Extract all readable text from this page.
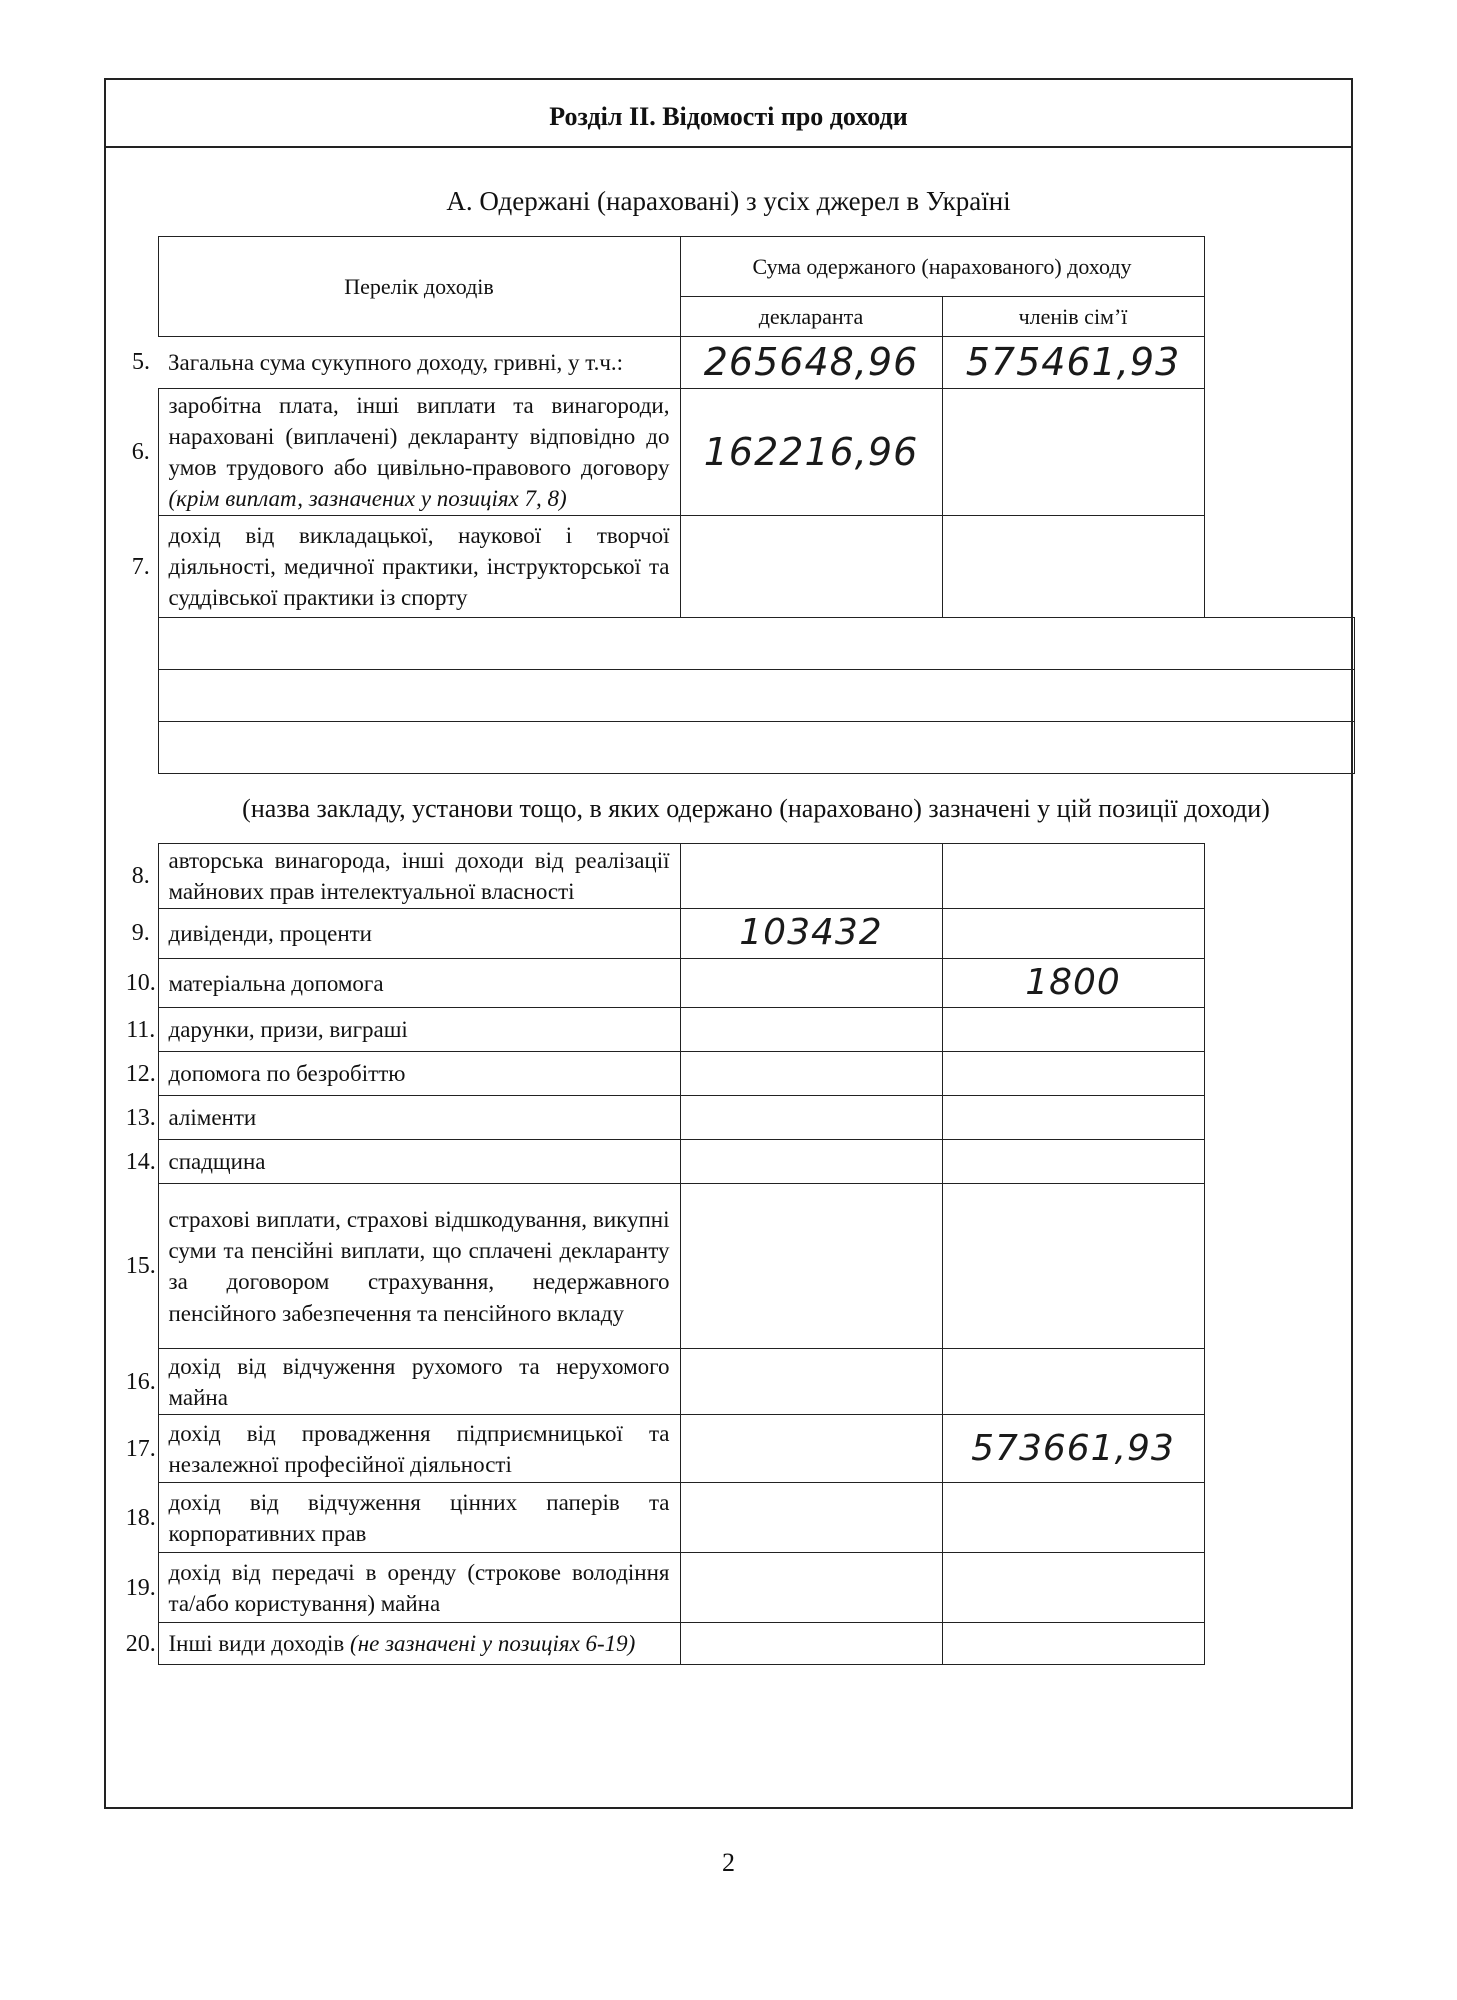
Розділ ІІ. Відомості про доходи
А. Одержані (нараховані) з усіх джерел в Україні
	Перелік доходів	Сума одержаного (нарахованого) доходу		
		декларанта	членів сім’ї	
5.	Загальна сума сукупного доходу, гривні, у т.ч.:	265648,96	575461,93	
6.	заробітна плата, інші виплати та винагороди, нараховані (виплачені) декларанту відповідно до умов трудового або цивільно-правового договору
(крім виплат, зазначених у позиціях 7, 8)	162216,96		
7.	дохід від викладацької, наукової і творчої діяльності, медичної практики, інструкторської та суддівської практики із спорту			

	(назва закладу, установи тощо, в яких одержано (нараховано) зазначені у цій позиції доходи)			
8.	авторська винагорода, інші доходи від реалізації майнових прав інтелектуальної власності			
9.	дивіденди, проценти	103432		
10.	матеріальна допомога		1800	
11.	дарунки, призи, виграші			
12.	допомога по безробіттю			
13.	аліменти			
14.	спадщина			
15.	страхові виплати, страхові відшкодування, викупні суми та пенсійні виплати, що сплачені декларанту за договором страхування, недержавного пенсійного забезпечення та пенсійного вкладу			
16.	дохід від відчуження рухомого та нерухомого майна			
17.	дохід від провадження підприємницької та незалежної професійної діяльності		573661,93	
18.	дохід від відчуження цінних паперів та корпоративних прав			
19.	дохід від передачі в оренду (строкове володіння та/або користування) майна			
20.	Інші види доходів (не зазначені у позиціях 6-19)			
2
